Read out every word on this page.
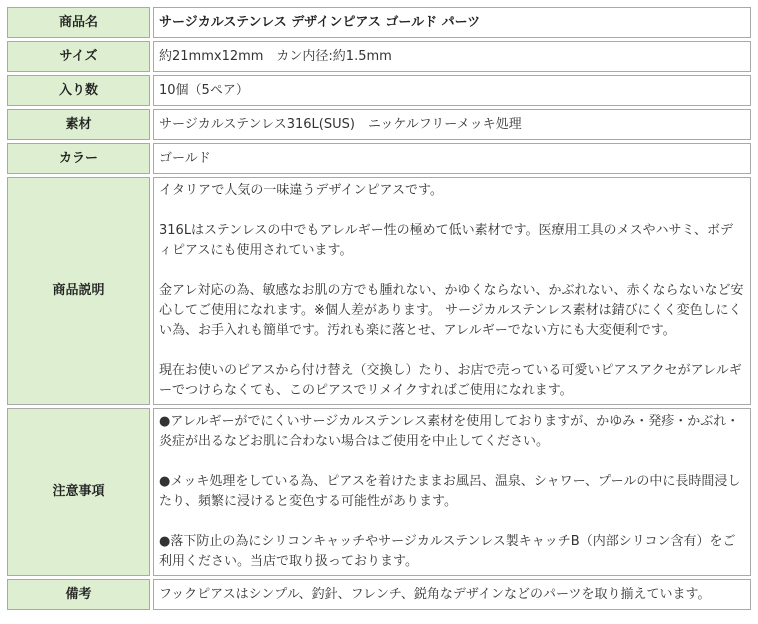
商品名	サージカルステンレス デザインピアス ゴールド パーツ
サイズ	約21mmx12mm　カン内径:約1.5mm
入り数	10個（5ペア）
素材	サージカルステンレス316L(SUS)　ニッケルフリーメッキ処理
カラー	ゴールド
商品説明	イタリアで人気の一味違うデザインピアスです。

316Lはステンレスの中でもアレルギー性の極めて低い素材です。医療用工具のメスやハサミ、ボディピアスにも使用されています。

金アレ対応の為、敏感なお肌の方でも腫れない、かゆくならない、かぶれない、赤くならないなど安心してご使用になれます。※個人差があります。 サージカルステンレス素材は錆びにくく変色しにくい為、お手入れも簡単です。汚れも楽に落とせ、アレルギーでない方にも大変便利です。

現在お使いのピアスから付け替え（交換し）たり、お店で売っている可愛いピアスアクセがアレルギーでつけらなくても、このピアスでリメイクすればご使用になれます。

注意事項	●アレルギーがでにくいサージカルステンレス素材を使用しておりますが、かゆみ・発疹・かぶれ・炎症が出るなどお肌に合わない場合はご使用を中止してください。

●メッキ処理をしている為、ピアスを着けたままお風呂、温泉、シャワー、プールの中に長時間浸したり、頻繁に浸けると変色する可能性があります。

●落下防止の為にシリコンキャッチやサージカルステンレス製キャッチB（内部シリコン含有）をご利用ください。当店で取り扱っております。

備考	フックピアスはシンプル、釣針、フレンチ、鋭角なデザインなどのパーツを取り揃えています。
